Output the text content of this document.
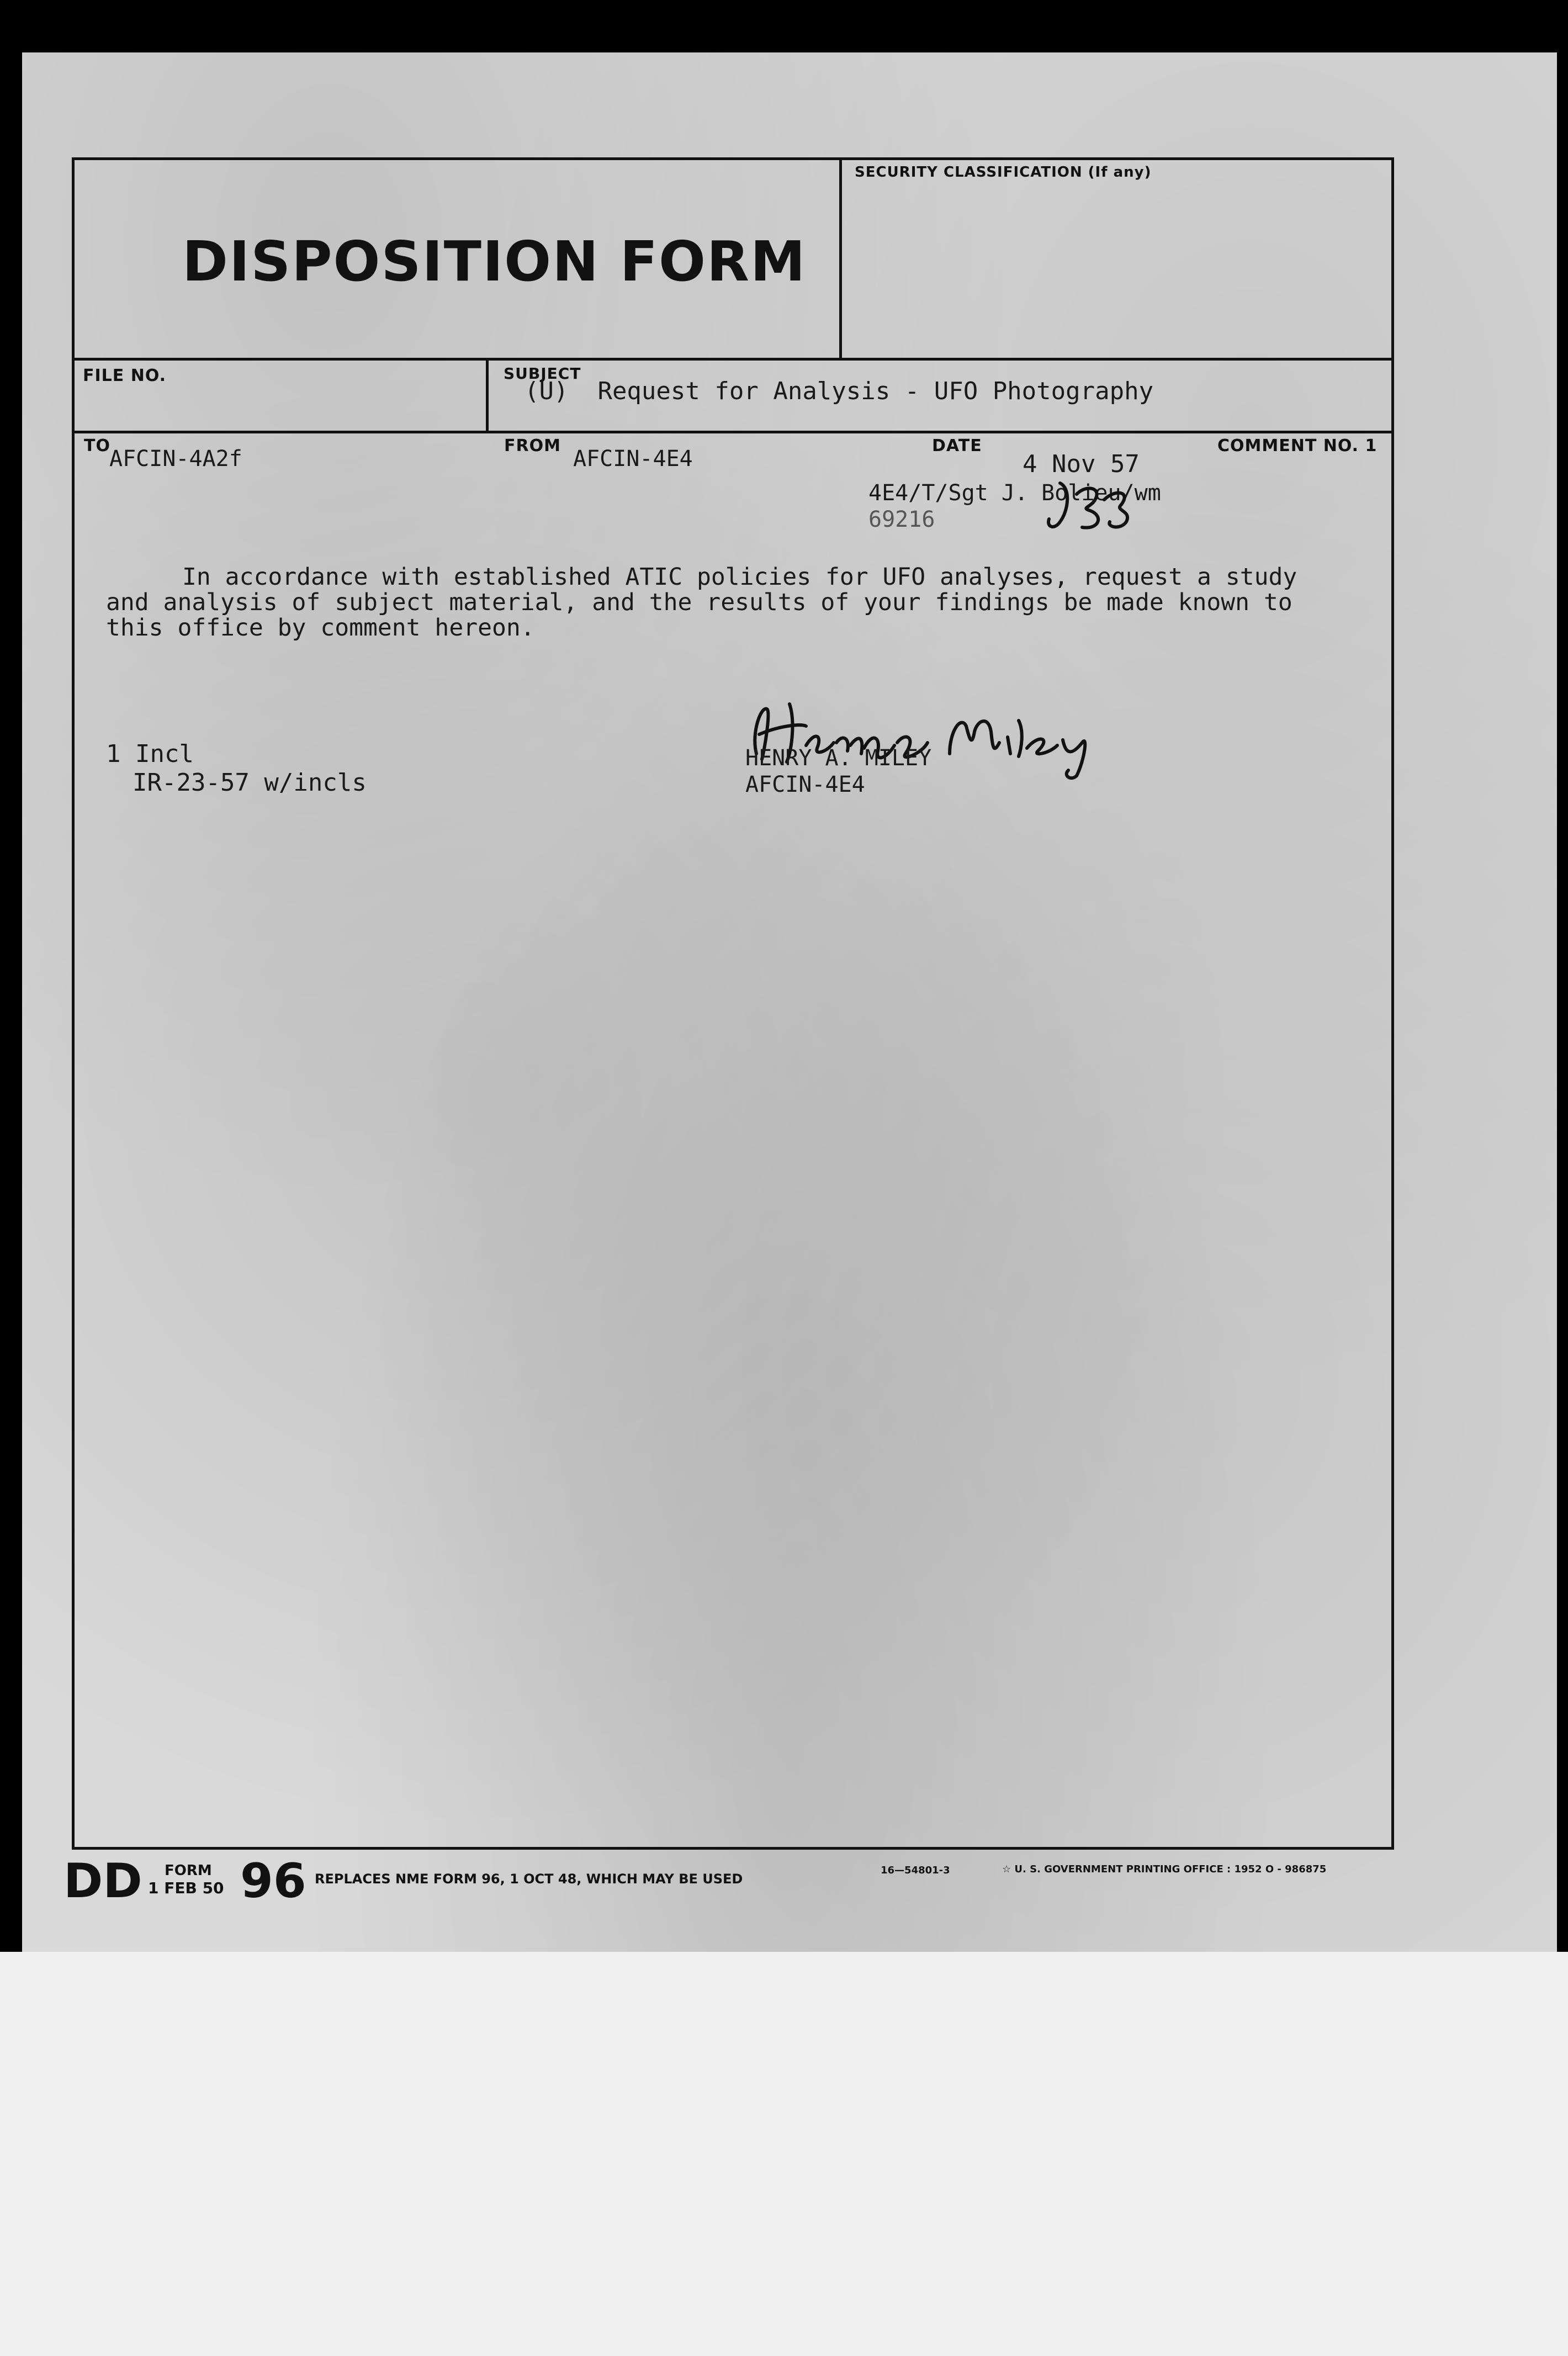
DISPOSITION FORM
SECURITY CLASSIFICATION (If any)
FILE NO.	SUBJECT
(U)  Request for Analysis - UFO Photography
TO
AFCIN-4A2f
FROM
AFCIN-4E4
DATE
4 Nov 57
COMMENT NO. 1
4E4/T/Sgt J. Bolieu/wm
69216
In accordance with established ATIC policies for UFO analyses, request a study and analysis of subject material, and the results of your findings be made known to this office by comment hereon.
1 Incl
IR-23-57 w/incls
HENRY A. MILEY
AFCIN-4E4
DD FORM
1 FEB 50 96 REPLACES NME FORM 96, 1 OCT 48, WHICH MAY BE USED
16—54801-3	☆ U. S. GOVERNMENT PRINTING OFFICE : 1952 O - 986875
